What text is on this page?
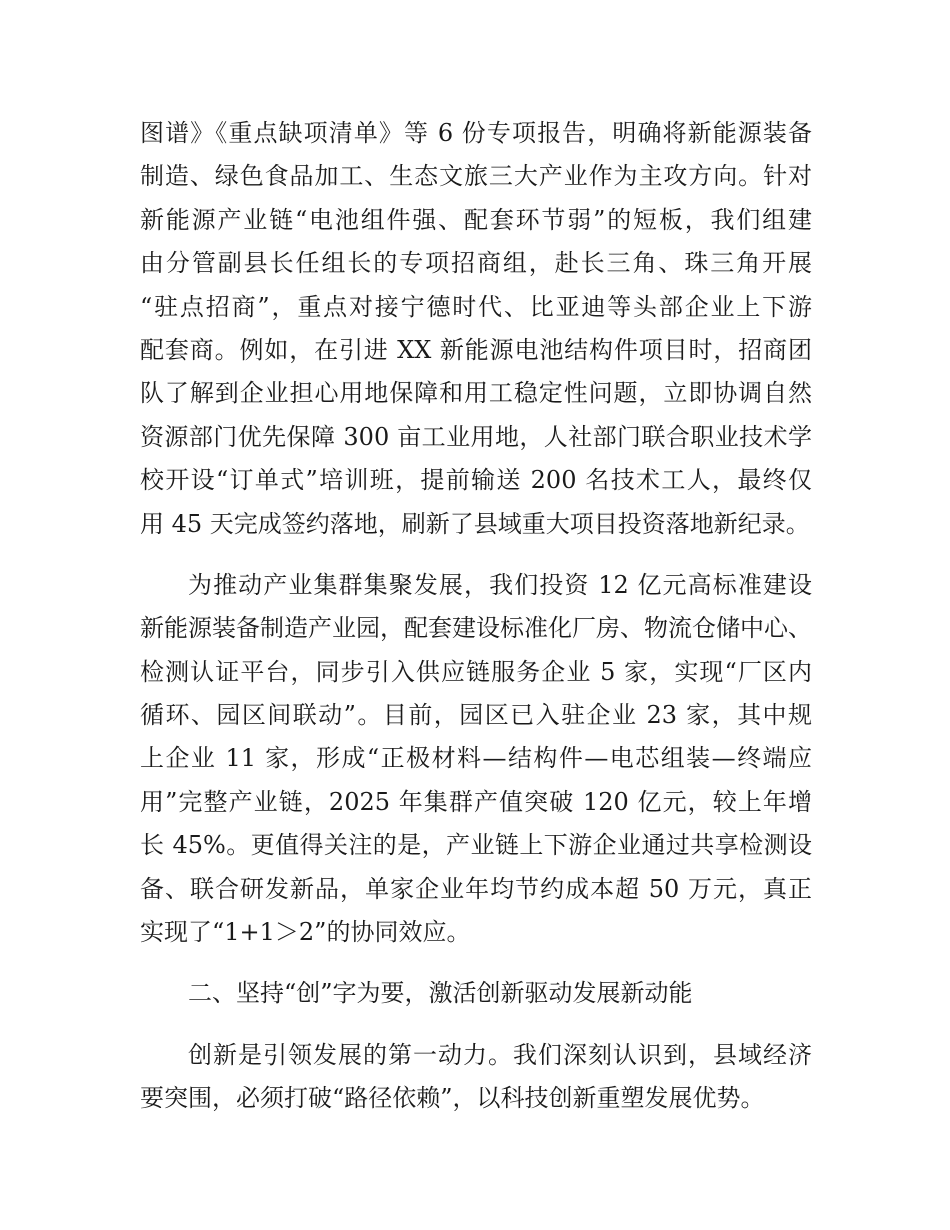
图谱》《重点缺项清单》等 6 份专项报告，明确将新能源装备
制造、绿色食品加工、生态文旅三大产业作为主攻方向。针对
新能源产业链“电池组件强、配套环节弱”的短板，我们组建
由分管副县长任组长的专项招商组，赴长三角、珠三角开展
“驻点招商”，重点对接宁德时代、比亚迪等头部企业上下游
配套商。例如，在引进 XX 新能源电池结构件项目时，招商团
队了解到企业担心用地保障和用工稳定性问题，立即协调自然
资源部门优先保障 300 亩工业用地，人社部门联合职业技术学
校开设“订单式”培训班，提前输送 200 名技术工人，最终仅
用 45 天完成签约落地，刷新了县域重大项目投资落地新纪录。
为推动产业集群集聚发展，我们投资 12 亿元高标准建设
新能源装备制造产业园，配套建设标准化厂房、物流仓储中心、
检测认证平台，同步引入供应链服务企业 5 家，实现“厂区内
循环、园区间联动”。目前，园区已入驻企业 23 家，其中规
上企业 11 家，形成“正极材料—结构件—电芯组装—终端应
用”完整产业链，2025 年集群产值突破 120 亿元，较上年增
长 45%。更值得关注的是，产业链上下游企业通过共享检测设
备、联合研发新品，单家企业年均节约成本超 50 万元，真正
实现了“1+1＞2”的协同效应。
二、坚持“创”字为要，激活创新驱动发展新动能
创新是引领发展的第一动力。我们深刻认识到，县域经济
要突围，必须打破“路径依赖”，以科技创新重塑发展优势。
